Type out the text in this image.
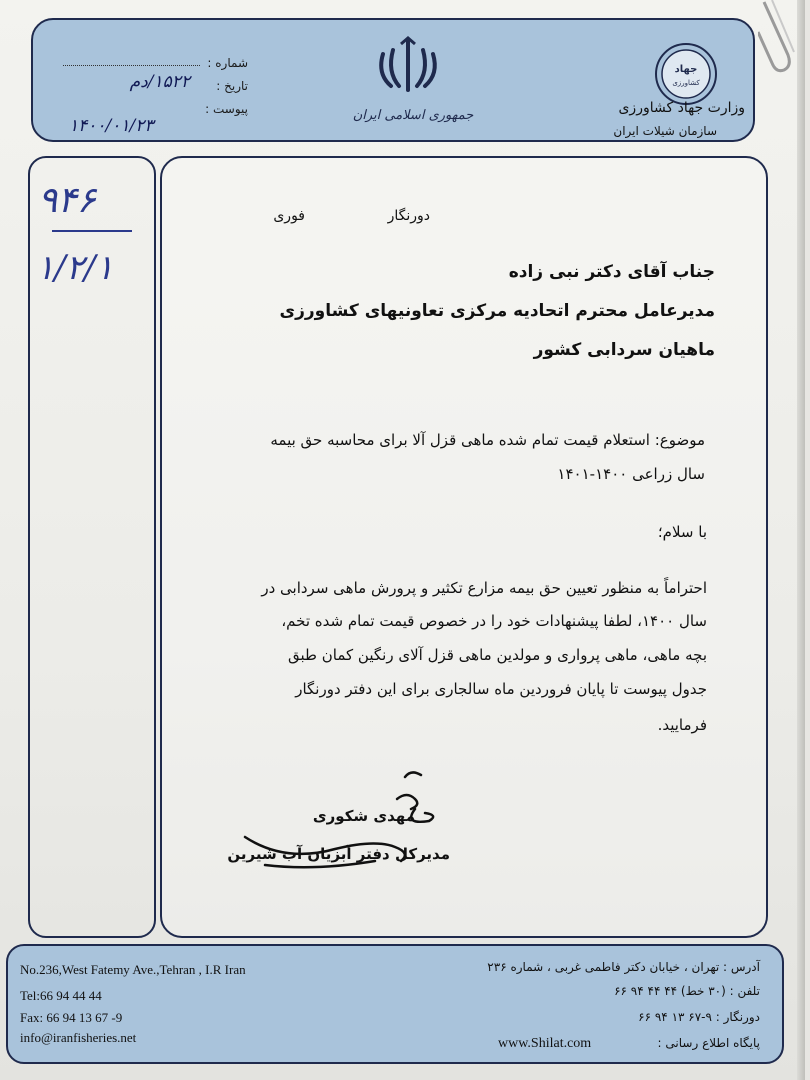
شماره :
تاریخ :
۱۵۲۲/دم
پیوست :
۱۴۰۰/۰۱/۲۳
جمهوری اسلامی ایران
جهاد
کشاورزی
وزارت جهاد کشاورزی
سازمان شیلات ایران
۹۴۶
۱/۲/۱
دورنگار
فوری
جناب آقای دکتر نبی زاده
مدیرعامل محترم اتحادیه مرکزی تعاونیهای کشاورزی
ماهیان سردابی کشور
موضوع: استعلام قیمت تمام شده ماهی قزل آلا برای محاسبه حق بیمه
سال زراعی ۱۴۰۰-۱۴۰۱
با سلام؛
احتراماً به منظور تعیین حق بیمه مزارع تکثیر و پرورش ماهی سردابی در
سال ۱۴۰۰، لطفا پیشنهادات خود را در خصوص قیمت تمام شده تخم،
بچه ماهی، ماهی پرواری و مولدین ماهی قزل آلای رنگین کمان طبق
جدول پیوست تا پایان فروردین ماه سالجاری برای این دفتر دورنگار
فرمایید.
مهدی شکوری
مدیرکل دفتر آبزیان آب شیرین
No.236,West Fatemy Ave.,Tehran , I.R Iran
Tel:66 94 44 44
Fax: 66 94 13 67 -9
info@iranfisheries.net
آدرس : تهران ، خیابان دکتر فاطمی غربی ، شماره ۲۳۶
تلفن : (۳۰ خط) ۴۴ ۴۴ ۹۴ ۶۶
دورنگار : ۹-۶۷ ۱۳ ۹۴ ۶۶
پایگاه اطلاع رسانی :
www.Shilat.com
